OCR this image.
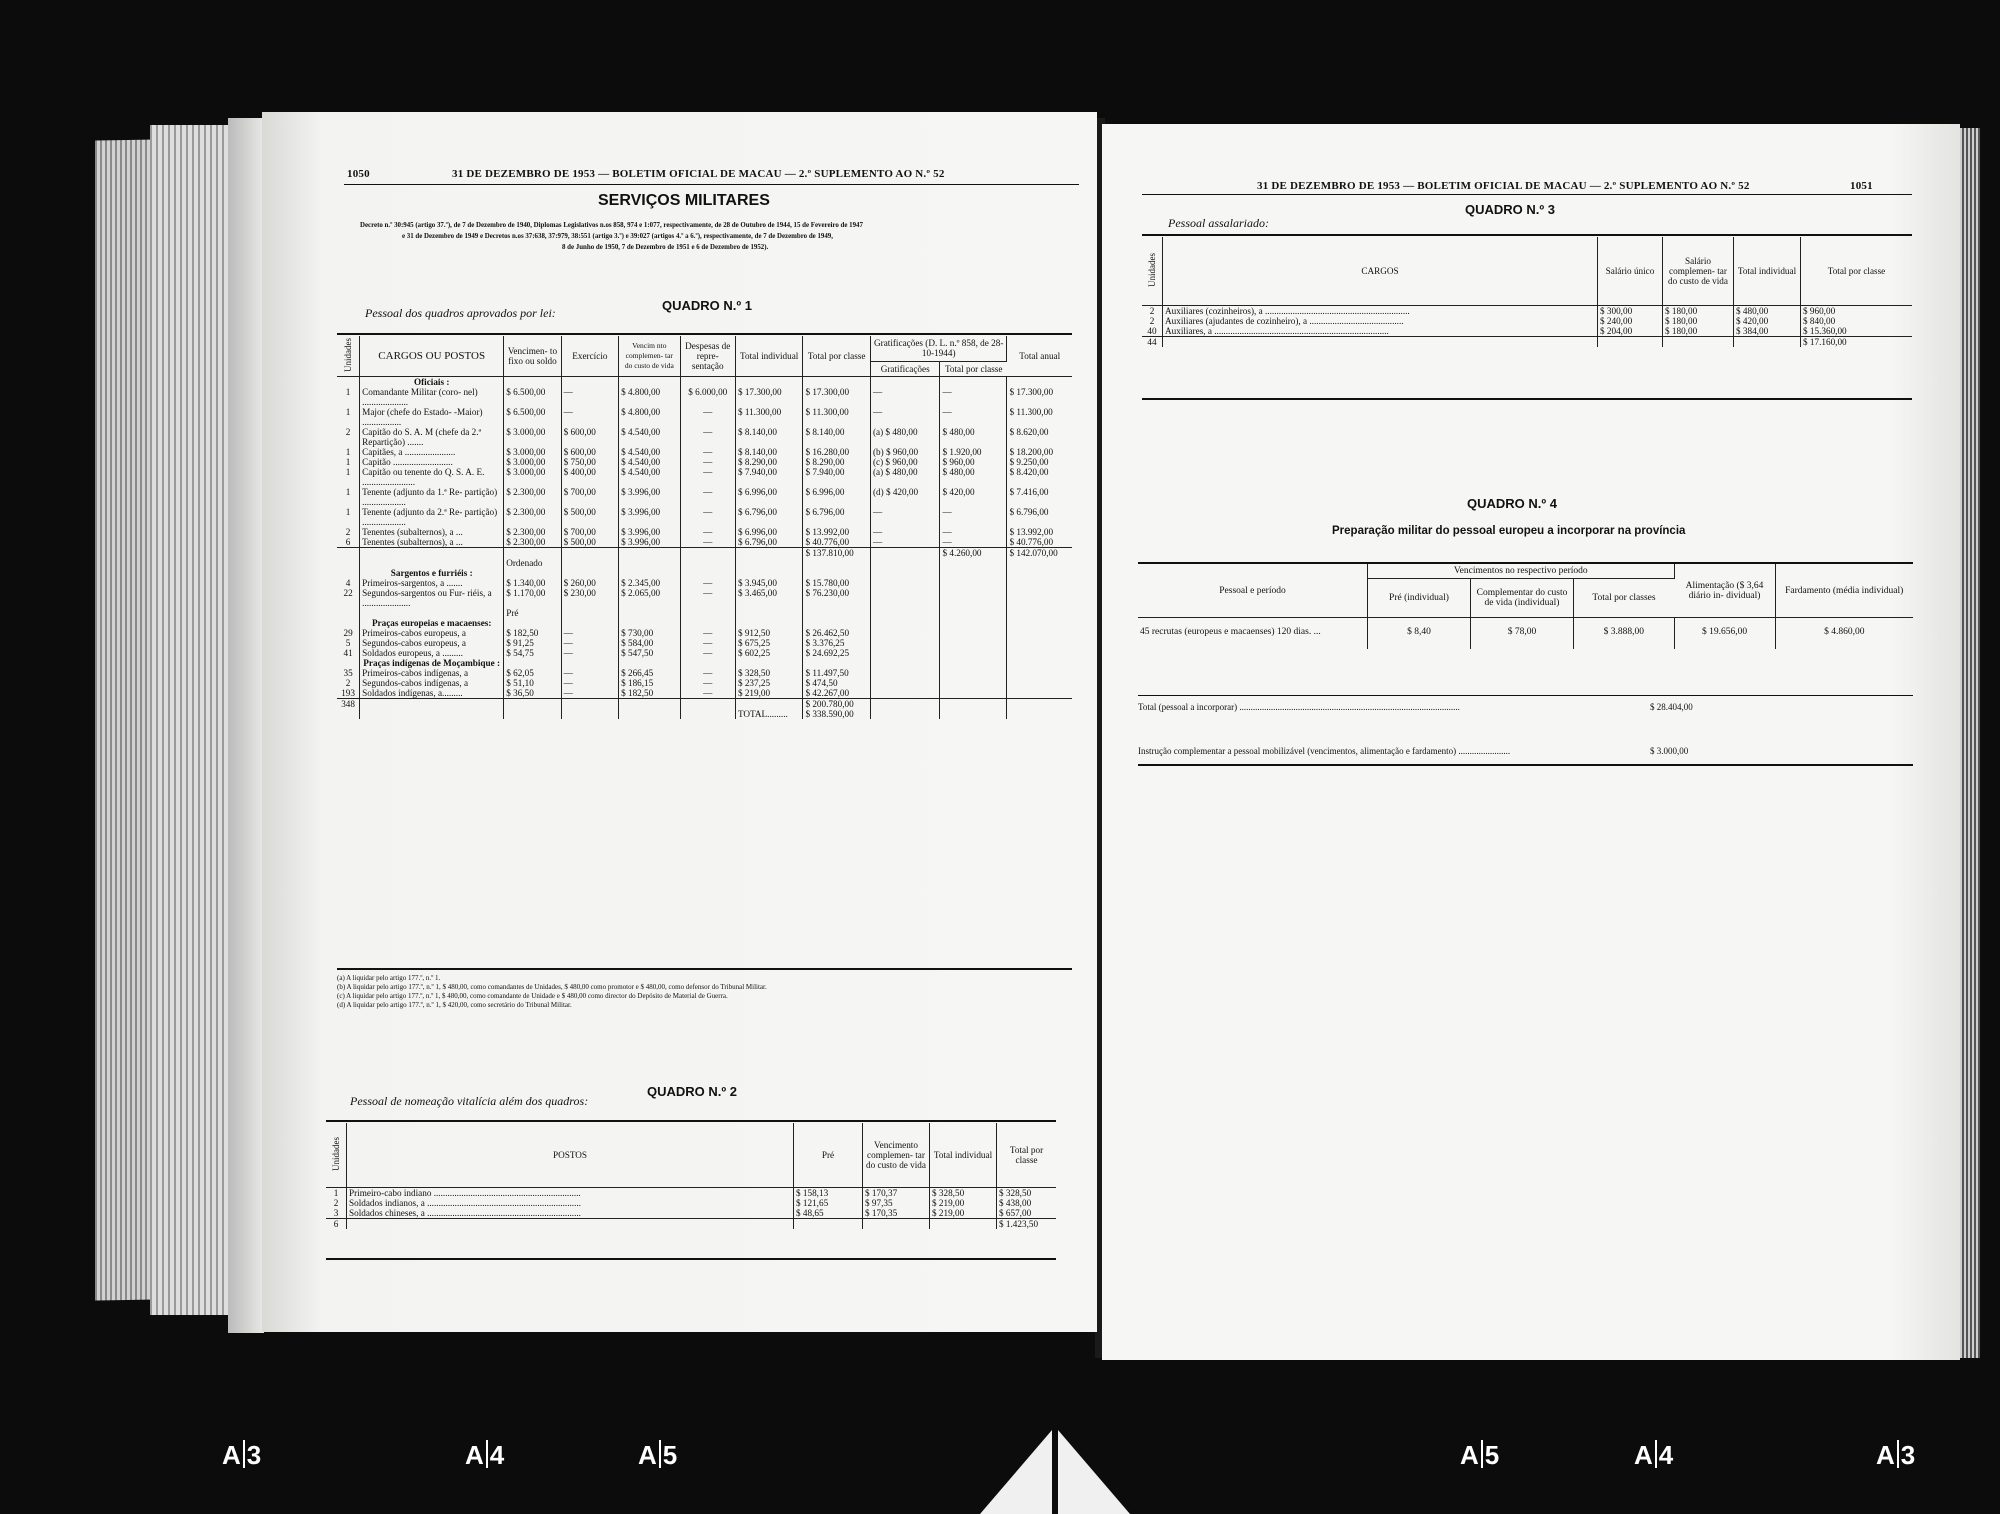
1050	31 DE DEZEMBRO DE 1953 — BOLETIM OFICIAL DE MACAU — 2.º SUPLEMENTO AO N.º 52
SERVIÇOS MILITARES
Decreto n.º 30:945 (artigo 37.º), de 7 de Dezembro de 1940, Diplomas Legislativos n.os 858, 974 e 1:077, respectivamente, de 28 de Outubro de 1944, 15 de Fevereiro de 1947
e 31 de Dezembro de 1949 e Decretos n.os 37:638, 37:979, 38:551 (artigo 3.º) e 39:027 (artigos 4.º a 6.º), respectivamente, de 7 de Dezembro de 1949,
8 de Junho de 1950, 7 de Dezembro de 1951 e 6 de Dezembro de 1952).
Pessoal dos quadros aprovados por lei:	QUADRO N.º 1
Unidades	CARGOS OU POSTOS	Vencimen- to fixo ou soldo	Exercício	Vencim nto complemen- tar do custo de vida	Despesas de repre- sentação	Total individual	Total por classe	Gratificações (D. L. n.º 858, de 28-10-1944)		Total anual
								Gratificações	Total por classe	
	Oficiais :									
1	Comandante Militar (coro- nel) ....................	$ 6.500,00	—	$ 4.800,00	$ 6.000,00	$ 17.300,00	$ 17.300,00	—	—	$ 17.300,00
1	Major (chefe do Estado- -Maior) .................	$ 6.500,00	—	$ 4.800,00	—	$ 11.300,00	$ 11.300,00	—	—	$ 11.300,00
2	Capitão do S. A. M (chefe da 2.ª Repartição) .......	$ 3.000,00	$ 600,00	$ 4.540,00	—	$ 8.140,00	$ 8.140,00	(a) $ 480,00	$ 480,00	$ 8.620,00
1	Capitães, a ......................	$ 3.000,00	$ 600,00	$ 4.540,00	—	$ 8.140,00	$ 16.280,00	(b) $ 960,00	$ 1.920,00	$ 18.200,00
1	Capitão ..........................	$ 3.000,00	$ 750,00	$ 4.540,00	—	$ 8.290,00	$ 8.290,00	(c) $ 960,00	$ 960,00	$ 9.250,00
1	Capitão ou tenente do Q. S. A. E. .......................	$ 3.000,00	$ 400,00	$ 4.540,00	—	$ 7.940,00	$ 7.940,00	(a) $ 480,00	$ 480,00	$ 8.420,00
1	Tenente (adjunto da 1.ª Re- partição) ...................	$ 2.300,00	$ 700,00	$ 3.996,00	—	$ 6.996,00	$ 6.996,00	(d) $ 420,00	$ 420,00	$ 7.416,00
1	Tenente (adjunto da 2.ª Re- partição) ...................	$ 2.300,00	$ 500,00	$ 3.996,00	—	$ 6.796,00	$ 6.796,00	—	—	$ 6.796,00
2	Tenentes (subalternos), a ...	$ 2.300,00	$ 700,00	$ 3.996,00	—	$ 6.996,00	$ 13.992,00	—	—	$ 13.992,00
6	Tenentes (subalternos), a ...	$ 2.300,00	$ 500,00	$ 3.996,00	—	$ 6.796,00	$ 40.776,00	—	—	$ 40.776,00
							$ 137.810,00		$ 4.260,00	$ 142.070,00
		Ordenado								
	Sargentos e furriéis :									
4	Primeiros-sargentos, a .......	$ 1.340,00	$ 260,00	$ 2.345,00	—	$ 3.945,00	$ 15.780,00			
22	Segundos-sargentos ou Fur- riéis, a .....................	$ 1.170,00	$ 230,00	$ 2.065,00	—	$ 3.465,00	$ 76.230,00			
		Pré								
	Praças europeias e macaenses:									
29	Primeiros-cabos europeus, a	$ 182,50	—	$ 730,00	—	$ 912,50	$ 26.462,50			
5	Segundos-cabos europeus, a	$ 91,25	—	$ 584,00	—	$ 675,25	$ 3.376,25			
41	Soldados europeus, a .........	$ 54,75	—	$ 547,50	—	$ 602,25	$ 24.692,25			
	Praças indígenas de Moçambique :									
35	Primeiros-cabos indígenas, a	$ 62,05	—	$ 266,45	—	$ 328,50	$ 11.497,50			
2	Segundos-cabos indígenas, a	$ 51,10	—	$ 186,15	—	$ 237,25	$ 474,50			
193	Soldados indígenas, a.........	$ 36,50	—	$ 182,50	—	$ 219,00	$ 42.267,00			
348							$ 200.780,00			
						TOTAL.........	$ 338.590,00			
(a) A liquidar pelo artigo 177.º, n.º 1.
(b) A liquidar pelo artigo 177.º, n.º 1, $ 480,00, como comandantes de Unidades, $ 480,00 como promotor e $ 480,00, como defensor do Tribunal Militar.
(c) A liquidar pelo artigo 177.º, n.º 1, $ 480,00, como comandante de Unidade e $ 480,00 como director do Depósito de Material de Guerra.
(d) A liquidar pelo artigo 177.º, n.º 1, $ 420,00, como secretário do Tribunal Militar.
Pessoal de nomeação vitalícia além dos quadros:
QUADRO N.º 2
Unidades	POSTOS	Pré	Vencimento complemen- tar do custo de vida	Total individual	Total por classe
1	Primeiro-cabo indiano ................................................................	$ 158,13	$ 170,37	$ 328,50	$ 328,50
2	Soldados indianos, a ...................................................................	$ 121,65	$ 97,35	$ 219,00	$ 438,00
3	Soldados chineses, a ...................................................................	$ 48,65	$ 170,35	$ 219,00	$ 657,00
6					$ 1.423,50
31 DE DEZEMBRO DE 1953 — BOLETIM OFICIAL DE MACAU — 2.º SUPLEMENTO AO N.º 52	1051
QUADRO N.º 3
Pessoal assalariado:
Unidades	CARGOS	Salário único	Salário complemen- tar do custo de vida	Total individual	Total por classe
2	Auxiliares (cozinheiros), a ...............................................................	$ 300,00	$ 180,00	$ 480,00	$ 960,00
2	Auxiliares (ajudantes de cozinheiro), a .........................................	$ 240,00	$ 180,00	$ 420,00	$ 840,00
40	Auxiliares, a ............................................................................	$ 204,00	$ 180,00	$ 384,00	$ 15.360,00
44					$ 17.160,00
QUADRO N.º 4
Preparação militar do pessoal europeu a incorporar na província
Pessoal e período	Vencimentos no respectivo período			Alimentação ($ 3,64 diário in- dividual)	Fardamento (média individual)
	Pré (individual)	Complementar do custo de vida (individual)	Total por classes		
45 recrutas (europeus e macaenses) 120 dias. ...	$ 8,40	$ 78,00	$ 3.888,00	$ 19.656,00	$ 4.860,00
Total (pessoal a incorporar) ..................................................................................................	$ 28.404,00
Instrução complementar a pessoal mobilizável (vencimentos, alimentação e fardamento) .......................	$ 3.000,00
A 3	A 4	A 5	A 5	A 4	A 3
